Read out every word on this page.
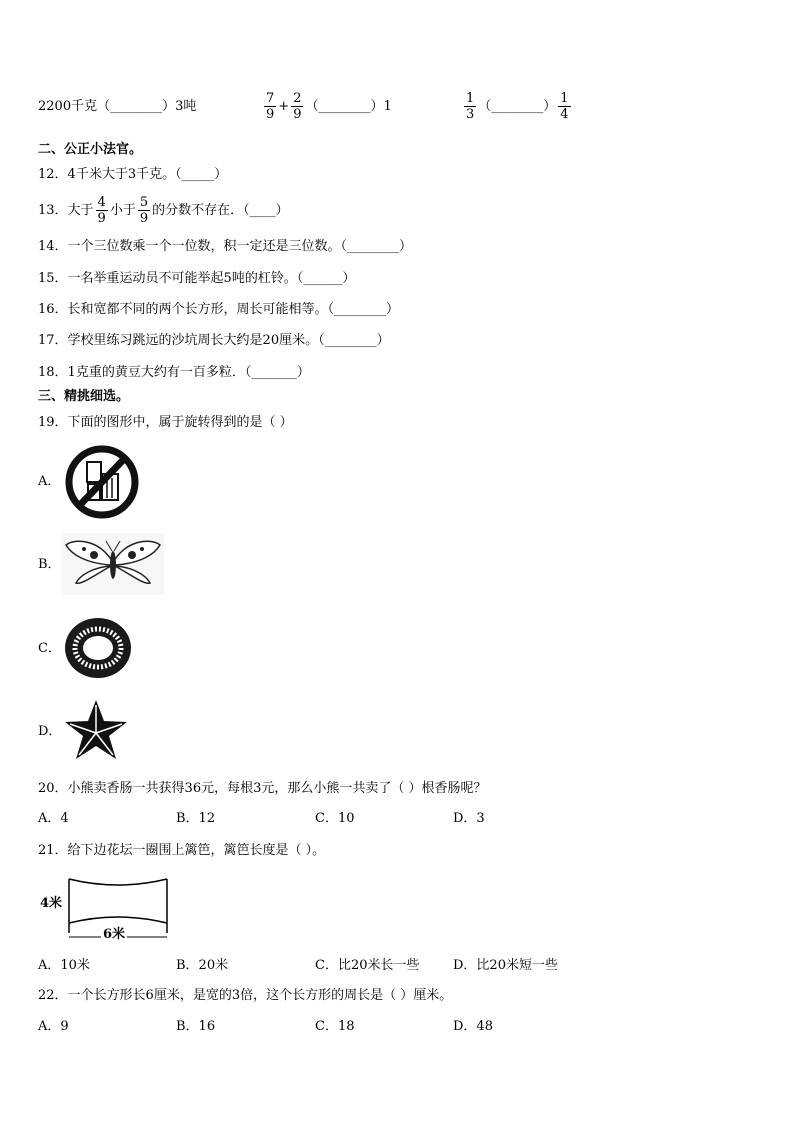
2200千克（________）3吨	$\frac{7}{9} + \frac{2}{9}$ （________）1	$\frac{1}{3}$ （________） $\frac{1}{4}$
二、公正小法官。
12．4千米大于3千克。（_____）
13．大于 $\frac{4}{9}$ 小于 $\frac{5}{9}$ 的分数不存在．（____）
14．一个三位数乘一个一位数，积一定还是三位数。（________）
15．一名举重运动员不可能举起5吨的杠铃。（______）
16．长和宽都不同的两个长方形，周长可能相等。（________）
17．学校里练习跳远的沙坑周长大约是20厘米。（________）
18．1克重的黄豆大约有一百多粒．（_______）
三、精挑细选。
19．下面的图形中，属于旋转得到的是（ ）
A．
B．
C．
D．
20．小熊卖香肠一共获得36元，每根3元，那么小熊一共卖了（ ）根香肠呢？
A．4	B．12	C．10	D．3
21．给下边花坛一圈围上篱笆，篱笆长度是（ ）。
4米
6米
A．10米	B．20米	C．比20米长一些	D．比20米短一些
22．一个长方形长6厘米，是宽的3倍，这个长方形的周长是（ ）厘米。
A．9	B．16	C．18	D．48
